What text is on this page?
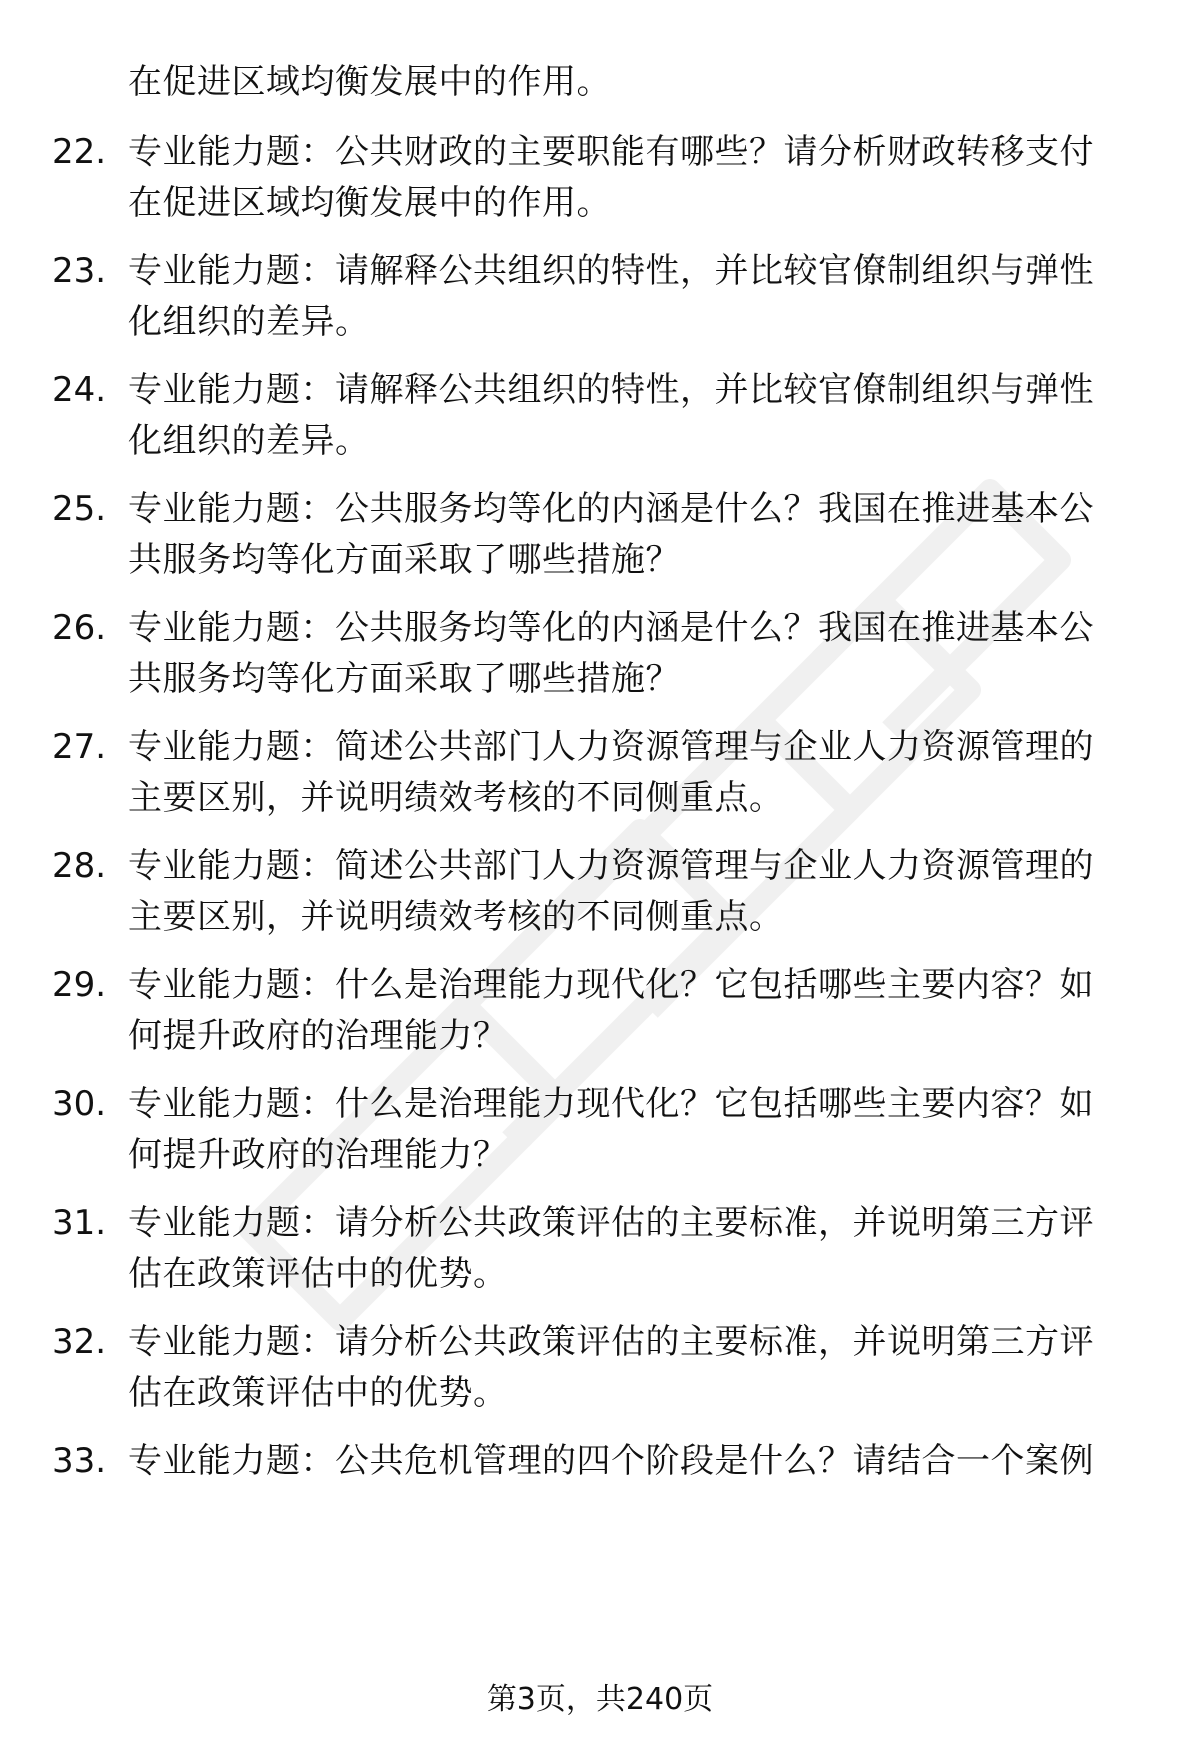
在促进区域均衡发展中的作用。
22. 专业能力题：公共财政的主要职能有哪些？请分析财政转移支付
在促进区域均衡发展中的作用。
23. 专业能力题：请解释公共组织的特性，并比较官僚制组织与弹性
化组织的差异。
24. 专业能力题：请解释公共组织的特性，并比较官僚制组织与弹性
化组织的差异。
25. 专业能力题：公共服务均等化的内涵是什么？我国在推进基本公
共服务均等化方面采取了哪些措施？
26. 专业能力题：公共服务均等化的内涵是什么？我国在推进基本公
共服务均等化方面采取了哪些措施？
27. 专业能力题：简述公共部门人力资源管理与企业人力资源管理的
主要区别，并说明绩效考核的不同侧重点。
28. 专业能力题：简述公共部门人力资源管理与企业人力资源管理的
主要区别，并说明绩效考核的不同侧重点。
29. 专业能力题：什么是治理能力现代化？它包括哪些主要内容？如
何提升政府的治理能力？
30. 专业能力题：什么是治理能力现代化？它包括哪些主要内容？如
何提升政府的治理能力？
31. 专业能力题：请分析公共政策评估的主要标准，并说明第三方评
估在政策评估中的优势。
32. 专业能力题：请分析公共政策评估的主要标准，并说明第三方评
估在政策评估中的优势。
33. 专业能力题：公共危机管理的四个阶段是什么？请结合一个案例
第3页，共240页
